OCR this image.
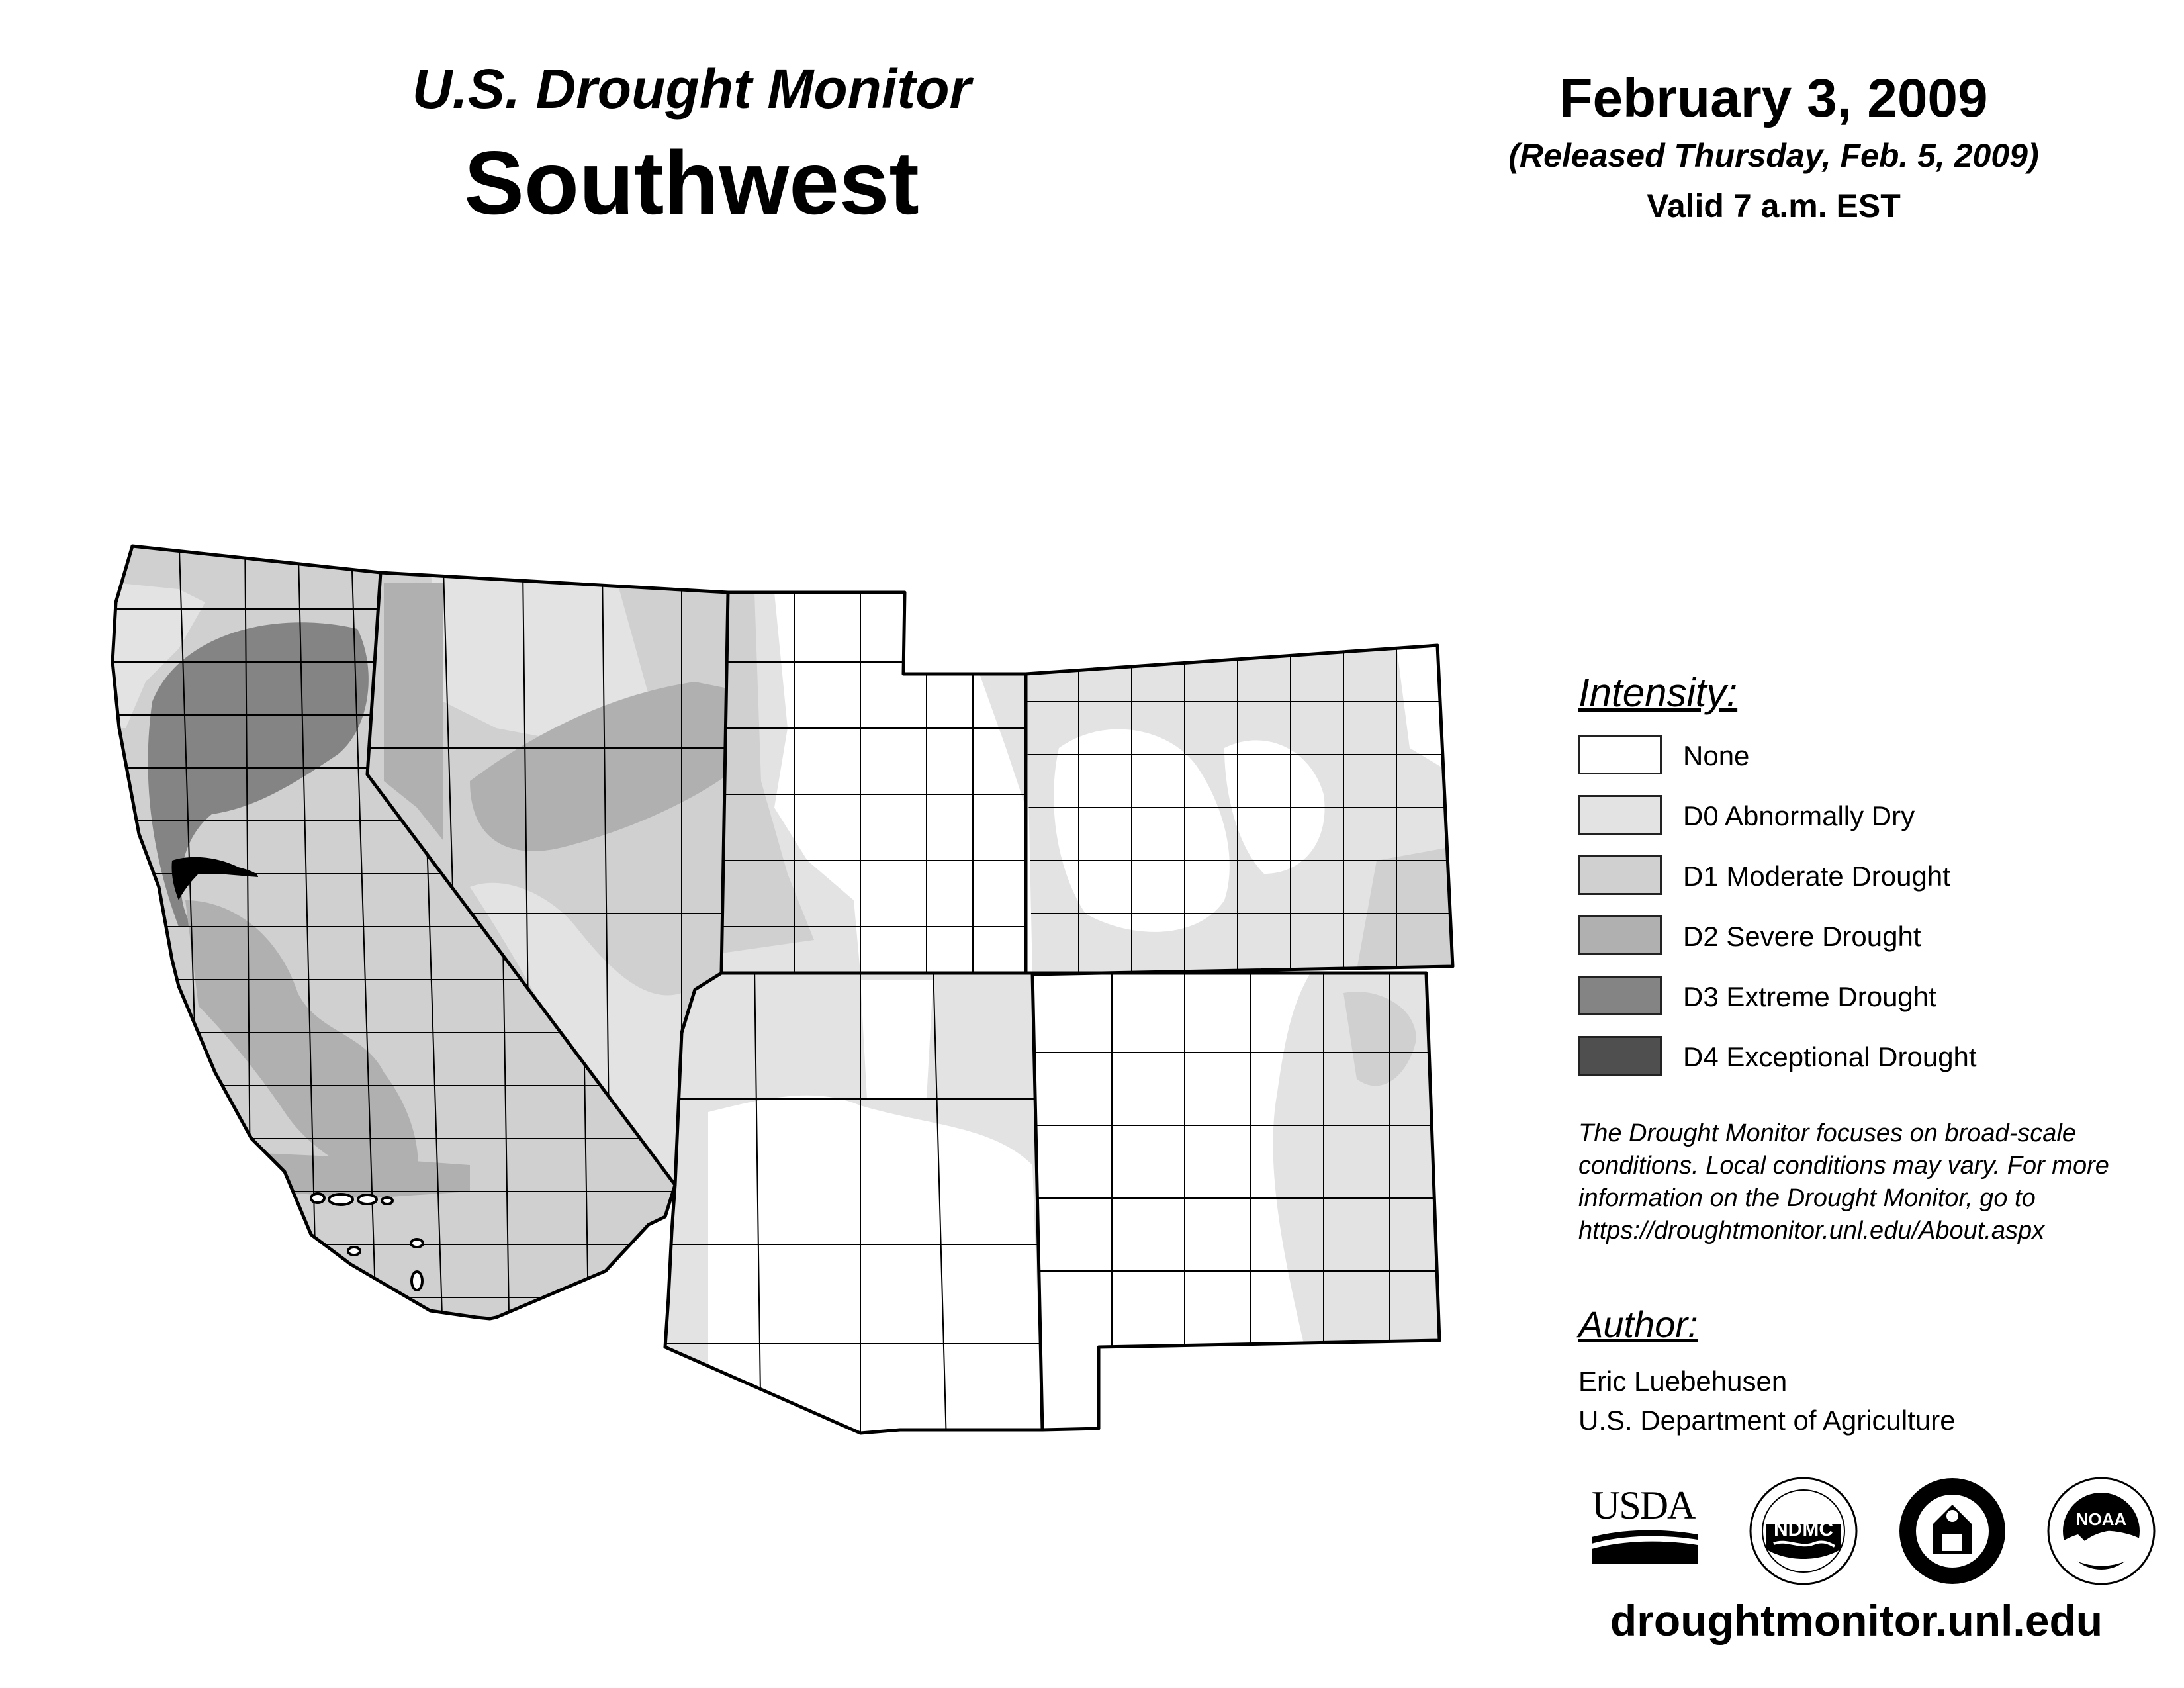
U.S. Drought Monitor
Southwest
February 3, 2009
(Released Thursday, Feb. 5, 2009)
Valid 7 a.m. EST
Intensity:
None
D0 Abnormally Dry
D1 Moderate Drought
D2 Severe Drought
D3 Extreme Drought
D4 Exceptional Drought
The Drought Monitor focuses on broad-scale
conditions. Local conditions may vary. For more
information on the Drought Monitor, go to
https://droughtmonitor.unl.edu/About.aspx
Author:
Eric Luebehusen
U.S. Department of Agriculture
USDA
NDMC	NOAA
droughtmonitor.unl.edu
